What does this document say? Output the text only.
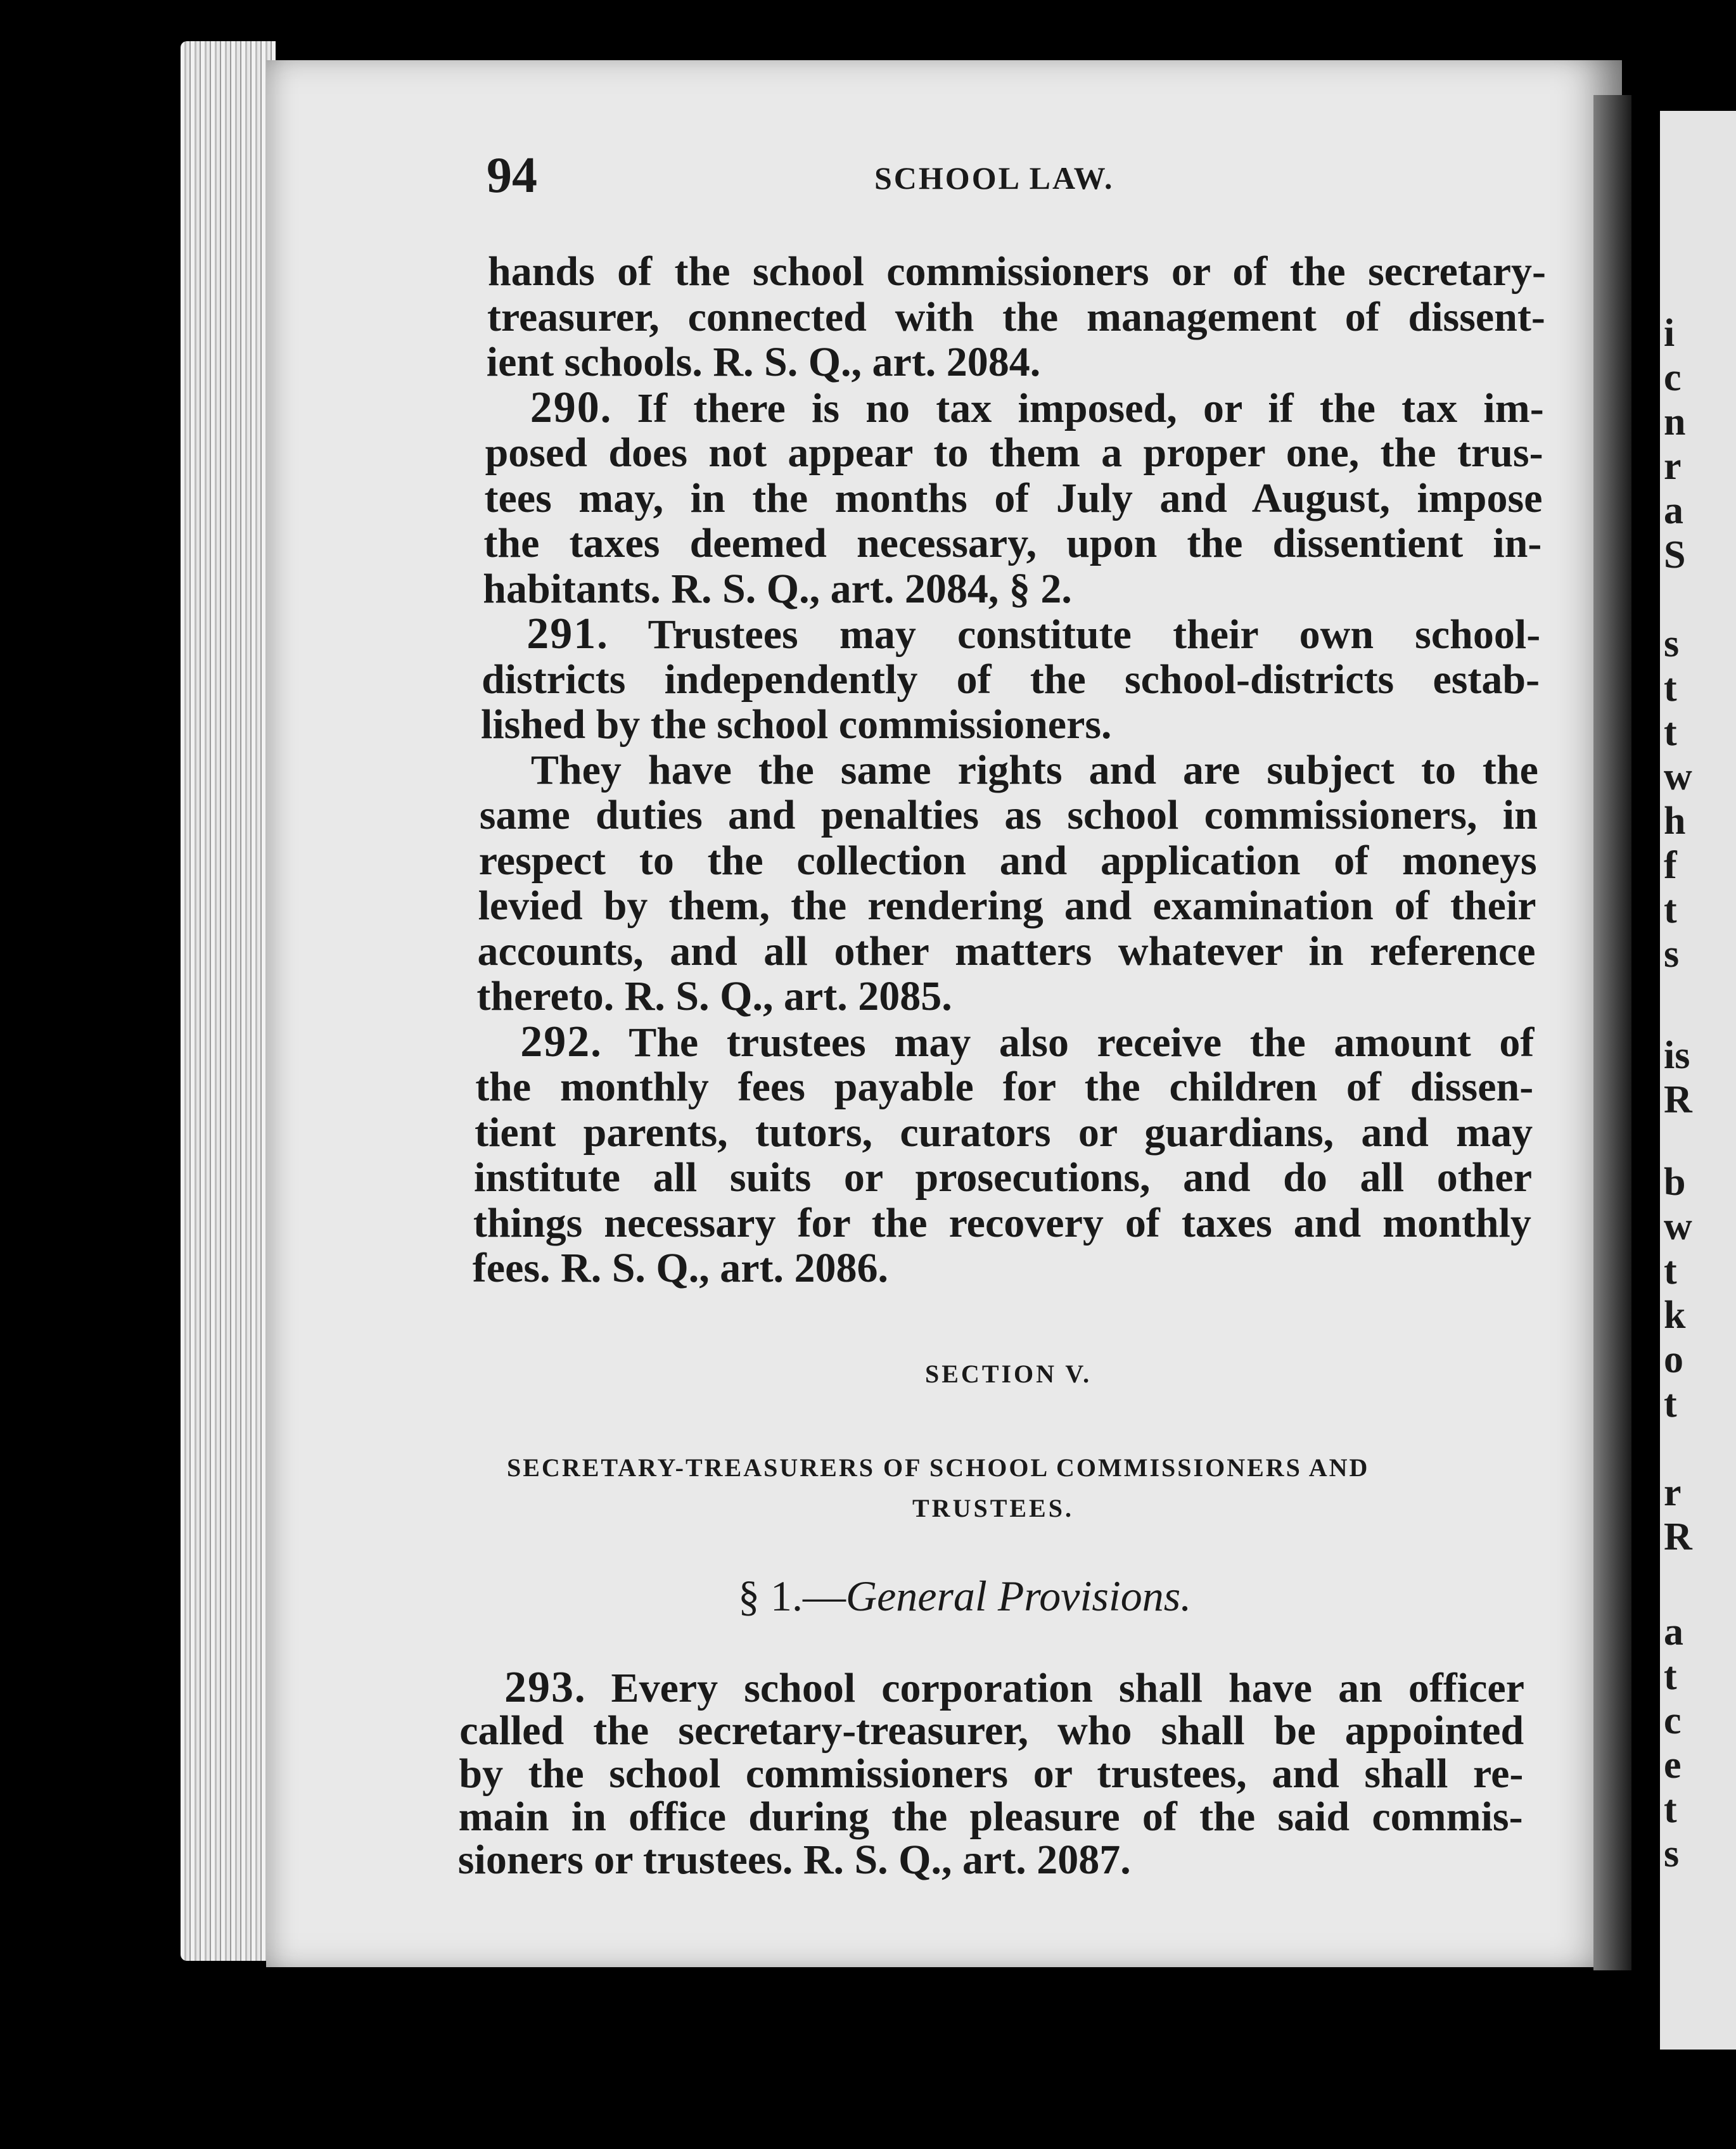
i
c
n
r
a
S
s
t
t
w
h
f
t
s
is
R
b
w
t
k
o
t
r
R
a
t
c
e
t
s
94	SCHOOL LAW.
hands of the school commissioners or of the secretary-
treasurer, connected with the management of dissent-
ient schools. R. S. Q., art. 2084.
290. If there is no tax imposed, or if the tax im-
posed does not appear to them a proper one, the trus-
tees may, in the months of July and August, impose
the taxes deemed necessary, upon the dissentient in-
habitants. R. S. Q., art. 2084, § 2.
291. Trustees may constitute their own school-
districts independently of the school-districts estab-
lished by the school commissioners.
They have the same rights and are subject to the
same duties and penalties as school commissioners, in
respect to the collection and application of moneys
levied by them, the rendering and examination of their
accounts, and all other matters whatever in reference
thereto. R. S. Q., art. 2085.
292. The trustees may also receive the amount of
the monthly fees payable for the children of dissen-
tient parents, tutors, curators or guardians, and may
institute all suits or prosecutions, and do all other
things necessary for the recovery of taxes and monthly
fees. R. S. Q., art. 2086.
SECTION V.
SECRETARY-TREASURERS OF SCHOOL COMMISSIONERS AND
TRUSTEES.
§ 1.—General Provisions.
293. Every school corporation shall have an officer
called the secretary-treasurer, who shall be appointed
by the school commissioners or trustees, and shall re-
main in office during the pleasure of the said commis-
sioners or trustees. R. S. Q., art. 2087.
